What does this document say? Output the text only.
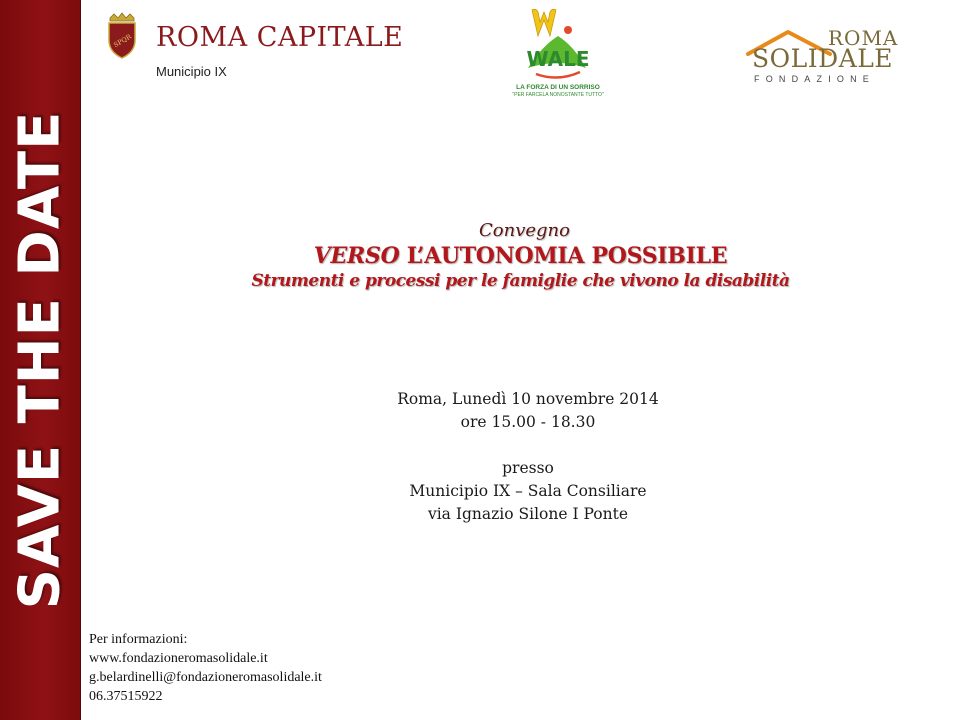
SAVE THE DATE
SPQR ROMA CAPITALE
Municipio IX
WALE
LA FORZA DI UN SORRISO
"PER FARCELA NONOSTANTE TUTTO"
ROMA
SOLIDALE
FONDAZIONE
Convegno
VERSO L’AUTONOMIA POSSIBILE
Strumenti e processi per le famiglie che vivono la disabilità
Roma, Lunedì 10 novembre 2014
ore 15.00 - 18.30
presso
Municipio IX – Sala Consiliare
via Ignazio Silone I Ponte
Per informazioni:
www.fondazioneromasolidale.it
g.belardinelli@fondazioneromasolidale.it
06.37515922
